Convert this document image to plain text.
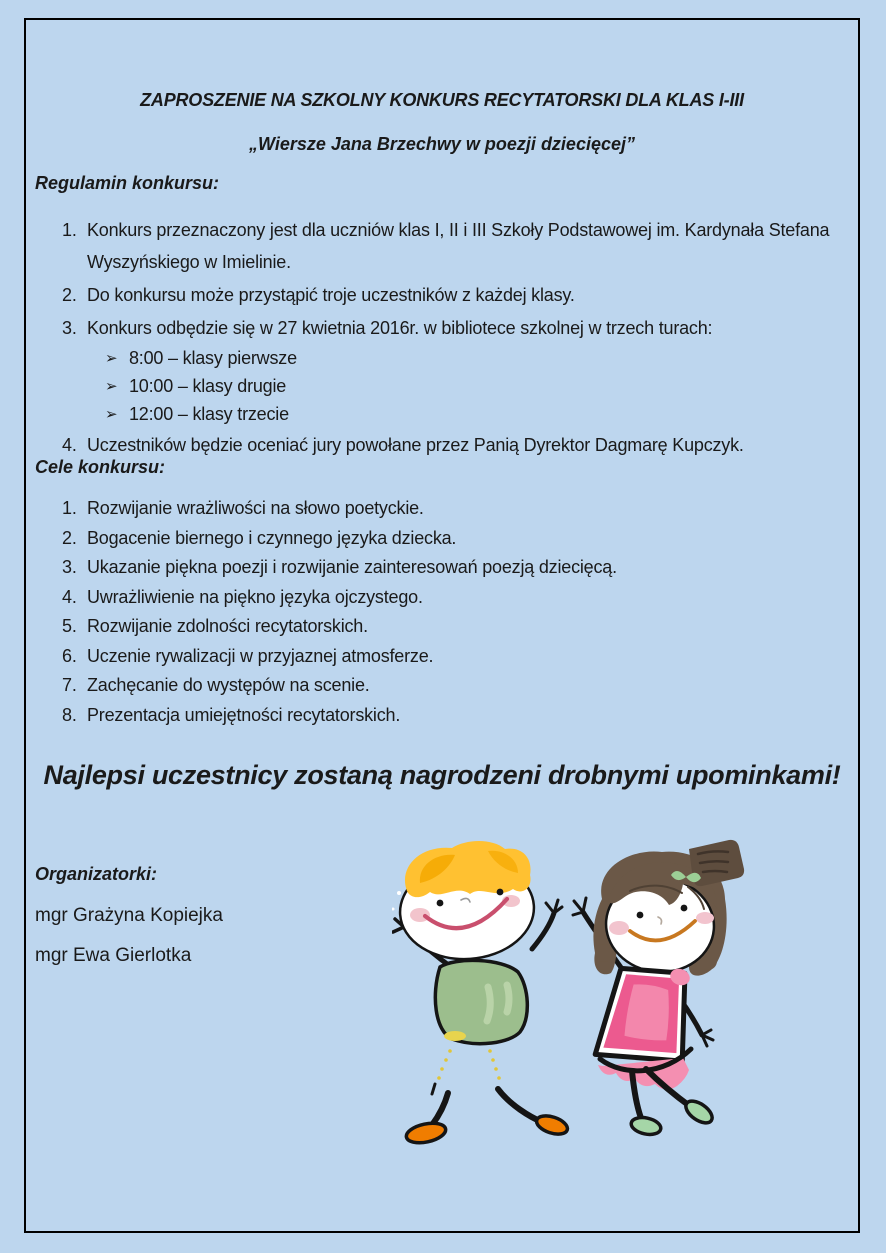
ZAPROSZENIE NA SZKOLNY KONKURS RECYTATORSKI DLA KLAS I-III
„Wiersze Jana Brzechwy w poezji dziecięcej”
Regulamin konkursu:
Konkurs przeznaczony jest dla uczniów klas I, II i III Szkoły Podstawowej im. Kardynała Stefana Wyszyńskiego w Imielinie.
Do konkursu może przystąpić troje uczestników z każdej klasy.
Konkurs odbędzie się w 27 kwietnia 2016r. w bibliotece szkolnej w trzech turach:
➢ 8:00 – klasy pierwsze
➢ 10:00 – klasy drugie
➢ 12:00 – klasy trzecie
Uczestników będzie oceniać jury powołane przez Panią Dyrektor Dagmarę Kupczyk.
Cele konkursu:
Rozwijanie wrażliwości na słowo poetyckie.
Bogacenie biernego i czynnego języka dziecka.
Ukazanie piękna poezji i rozwijanie zainteresowań poezją dziecięcą.
Uwrażliwienie na piękno języka ojczystego.
Rozwijanie zdolności recytatorskich.
Uczenie rywalizacji w przyjaznej atmosferze.
Zachęcanie do występów na scenie.
Prezentacja umiejętności recytatorskich.
Najlepsi uczestnicy zostaną nagrodzeni drobnymi upominkami!
Organizatorki:
mgr Grażyna Kopiejka
mgr Ewa Gierlotka
